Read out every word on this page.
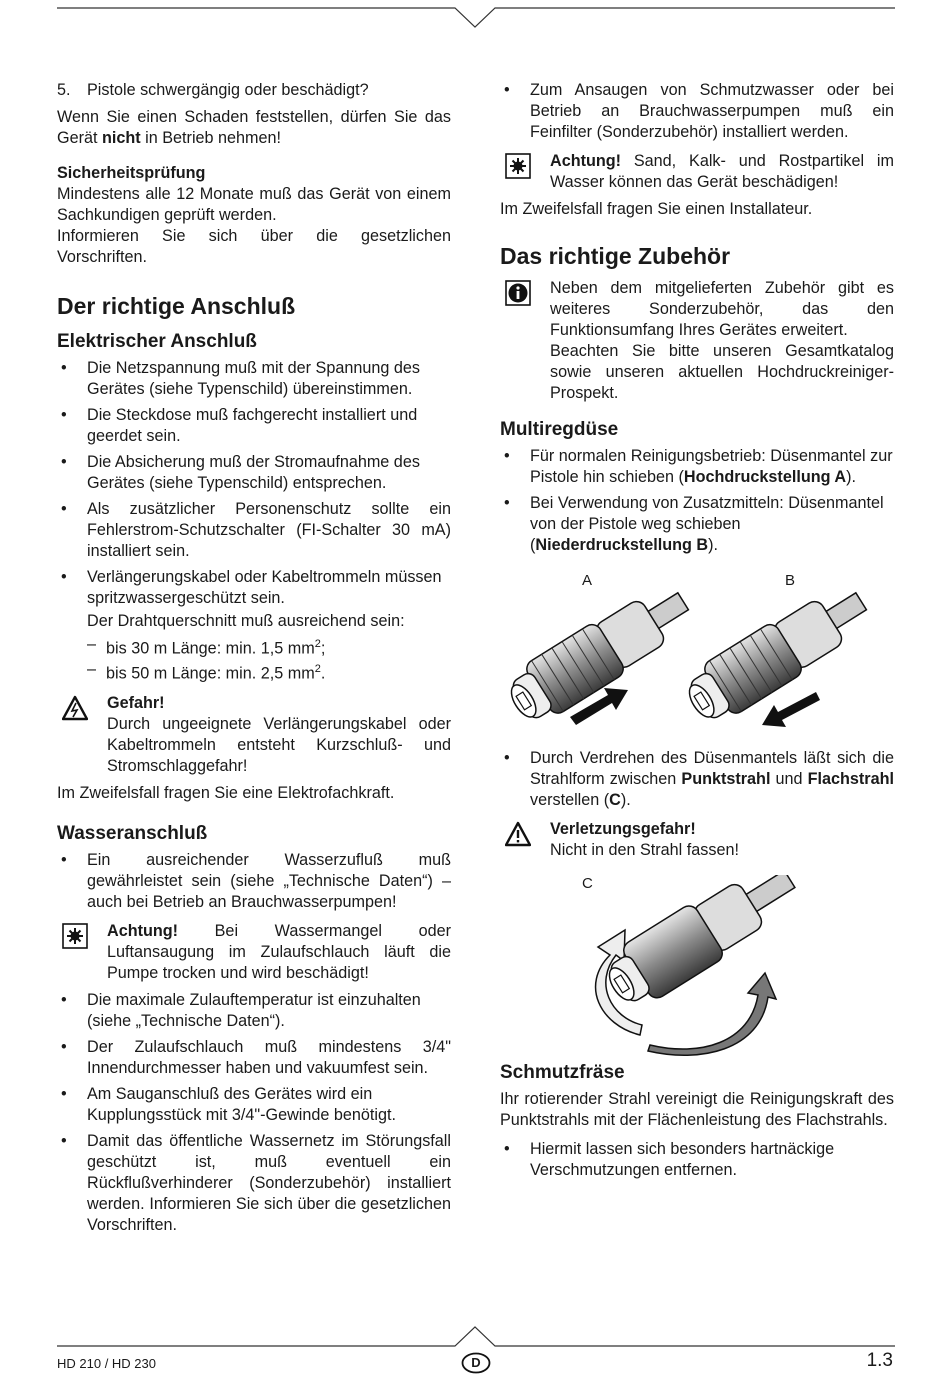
5. Pistole schwergängig oder beschädigt?

Wenn Sie einen Schaden feststellen, dürfen Sie das Gerät nicht in Betrieb nehmen!

Sicherheitsprüfung

Mindestens alle 12 Monate muß das Gerät von einem Sachkundigen geprüft werden.

Informieren Sie sich über die gesetzlichen Vorschriften.

Der richtige Anschluß
Elektrischer Anschluß
• Die Netzspannung muß mit der Spannung des Gerätes (siehe Typenschild) übereinstimmen.
• Die Steckdose muß fachgerecht installiert und geerdet sein.
• Die Absicherung muß der Stromaufnahme des Gerätes (siehe Typenschild) entsprechen.
• Als zusätzlicher Personenschutz sollte ein Fehlerstrom-Schutzschalter (FI-Schalter 30 mA) installiert sein.
• Verlängerungskabel oder Kabeltrommeln müssen spritzwassergeschützt sein.
Der Drahtquerschnitt muß ausreichend sein:
– bis 30 m Länge: min. 1,5 $mm^2$;
– bis 50 m Länge: min. 2,5 $mm^2$.
Gefahr!
Durch ungeeignete Verlängerungskabel oder Kabeltrommeln entsteht Kurzschluß- und Stromschlaggefahr!

Im Zweifelsfall fragen Sie eine Elektrofachkraft.

Wasseranschluß
• Ein ausreichender Wasserzufluß muß gewährleistet sein (siehe „Technische Daten“) – auch bei Betrieb an Brauchwasserpumpen!
Achtung! Bei Wassermangel oder Luftansaugung im Zulaufschlauch läuft die Pumpe trocken und wird beschädigt!
• Die maximale Zulauftemperatur ist einzuhalten (siehe „Technische Daten“).
• Der Zulaufschlauch muß mindestens 3/4" Innendurchmesser haben und vakuumfest sein.
• Am Sauganschluß des Gerätes wird ein Kupplungsstück mit 3/4"-Gewinde benötigt.
• Damit das öffentliche Wassernetz im Störungsfall geschützt ist, muß eventuell ein Rückflußverhinderer (Sonderzubehör) installiert werden. Informieren Sie sich über die gesetzlichen Vorschriften.
• Zum Ansaugen von Schmutzwasser oder bei Betrieb an Brauchwasserpumpen muß ein Feinfilter (Sonderzubehör) installiert werden.
Achtung! Sand, Kalk- und Rostpartikel im Wasser können das Gerät beschädigen!

Im Zweifelsfall fragen Sie einen Installateur.

Das richtige Zubehör
Neben dem mitgelieferten Zubehör gibt es weiteres Sonderzubehör, das den Funktionsumfang Ihres Gerätes erweitert.
Beachten Sie bitte unseren Gesamtkatalog sowie unseren aktuellen Hochdruckreiniger-Prospekt.
Multiregdüse
• Für normalen Reinigungsbetrieb: Düsenmantel zur Pistole hin schieben (Hochdruckstellung A).
• Bei Verwendung von Zusatzmitteln: Düsenmantel von der Pistole weg schieben (Niederdruckstellung B).
A	B
• Durch Verdrehen des Düsenmantels läßt sich die Strahlform zwischen Punktstrahl und Flachstrahl verstellen (C).
Verletzungsgefahr!
Nicht in den Strahl fassen!
C
Schmutzfräse

Ihr rotierender Strahl vereinigt die Reinigungskraft des Punktstrahls mit der Flächenleistung des Flachstrahls.

• Hiermit lassen sich besonders hartnäckige Verschmutzungen entfernen.
HD 210 / HD 230	D	1.3
